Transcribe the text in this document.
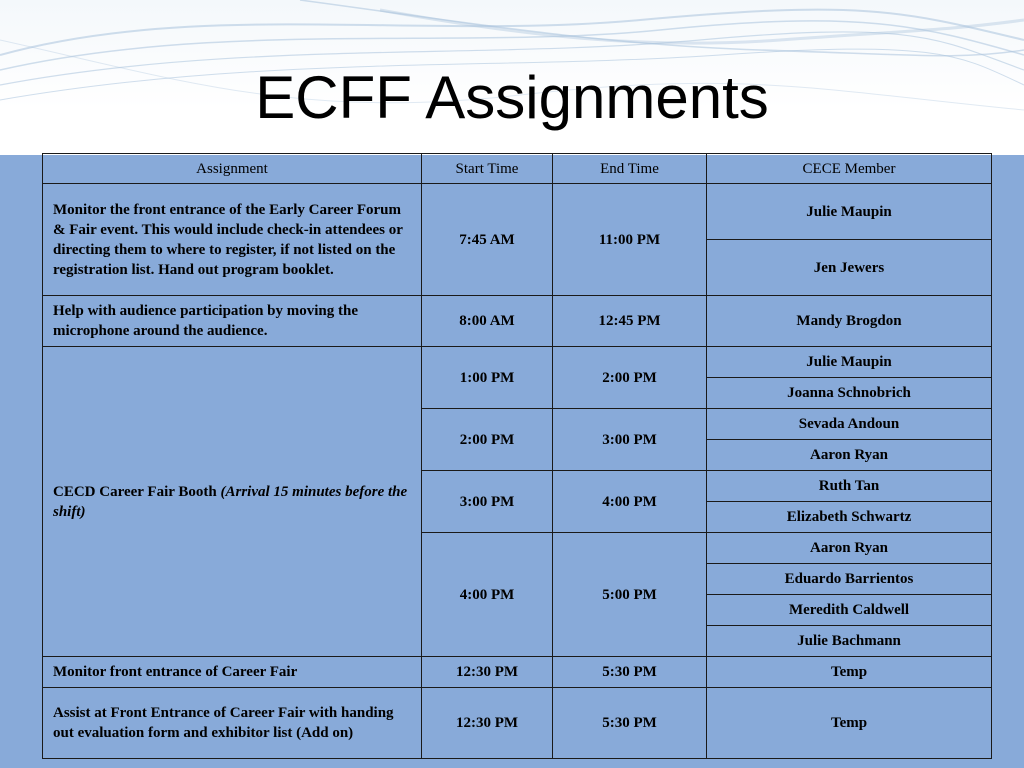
ECFF Assignments
Assignment	Start Time	End Time	CECE Member
Monitor the front entrance of the Early Career Forum & Fair event. This would include check-in attendees or directing them to where to register, if not listed on the registration list. Hand out program booklet.	7:45 AM	11:00 PM	Julie Maupin
			Jen Jewers
Help with audience participation by moving the microphone around the audience.	8:00 AM	12:45 PM	Mandy Brogdon
CECD Career Fair Booth (Arrival 15 minutes before the shift)	1:00 PM	2:00 PM	Julie Maupin
			Joanna Schnobrich
	2:00 PM	3:00 PM	Sevada Andoun
			Aaron Ryan
	3:00 PM	4:00 PM	Ruth Tan
			Elizabeth Schwartz
	4:00 PM	5:00 PM	Aaron Ryan
			Eduardo Barrientos
			Meredith Caldwell
			Julie Bachmann
Monitor front entrance of Career Fair	12:30 PM	5:30 PM	Temp
Assist at Front Entrance of Career Fair with handing out evaluation form and exhibitor list (Add on)	12:30 PM	5:30 PM	Temp
